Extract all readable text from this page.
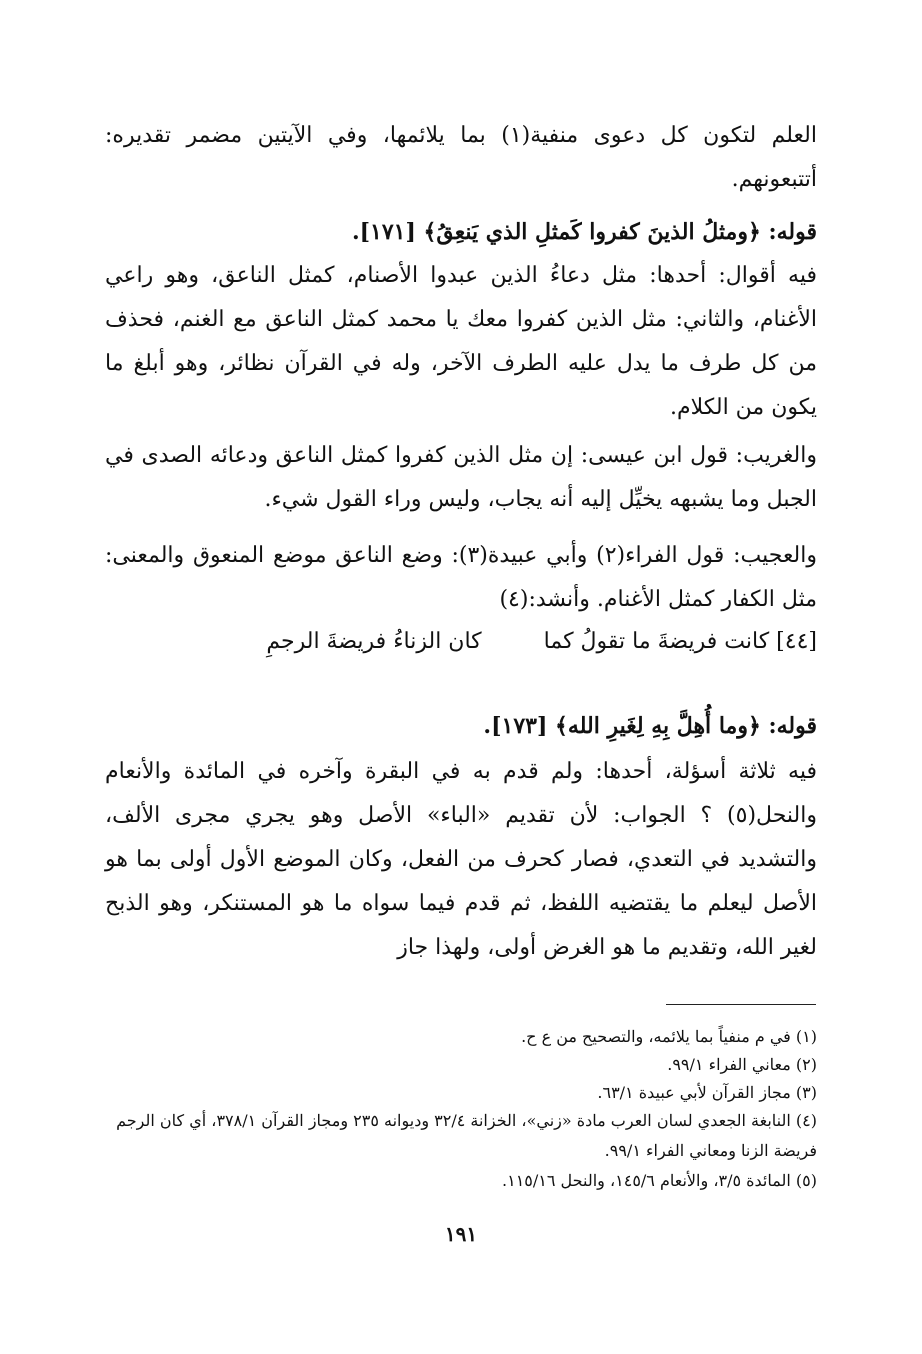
العلم لتكون كل دعوى منفية(١) بما يلائمها، وفي الآيتين مضمر تقديره: أتتبعونهم.

قوله: ﴿ومثلُ الذينَ كفروا كَمثلِ الذي يَنعِقُ﴾ [١٧١].

فيه أقوال: أحدها: مثل دعاءُ الذين عبدوا الأصنام، كمثل الناعق، وهو راعي الأغنام، والثاني: مثل الذين كفروا معك يا محمد كمثل الناعق مع الغنم، فحذف من كل طرف ما يدل عليه الطرف الآخر، وله في القرآن نظائر، وهو أبلغ ما يكون من الكلام.

والغريب: قول ابن عيسى: إن مثل الذين كفروا كمثل الناعق ودعائه الصدى في الجبل وما يشبهه يخيِّل إليه أنه يجاب، وليس وراء القول شيء.

والعجيب: قول الفراء(٢) وأبي عبيدة(٣): وضع الناعق موضع المنعوق والمعنى: مثل الكفار كمثل الأغنام. وأنشد:(٤)

[٤٤] كانت فريضةَ ما تقولُ كما  كان الزناءُ فريضةَ الرجمِ

قوله: ﴿وما أُهِلَّ بِهِ لِغَيرِ الله﴾ [١٧٣].

فيه ثلاثة أسؤلة، أحدها: ولم قدم به في البقرة وآخره في المائدة والأنعام والنحل(٥) ؟ الجواب: لأن تقديم «الباء» الأصل وهو يجري مجرى الألف، والتشديد في التعدي، فصار كحرف من الفعل، وكان الموضع الأول أولى بما هو الأصل ليعلم ما يقتضيه اللفظ، ثم قدم فيما سواه ما هو المستنكر، وهو الذبح لغير الله، وتقديم ما هو الغرض أولى، ولهذا جاز

(١) في م منفياً بما يلائمه، والتصحيح من ع ح.

(٢) معاني الفراء ٩٩/١.

(٣) مجاز القرآن لأبي عبيدة ٦٣/١.

(٤) النابغة الجعدي لسان العرب مادة «زني»، الخزانة ٣٢/٤ وديوانه ٢٣٥ ومجاز القرآن ٣٧٨/١، أي كان الرجم فريضة الزنا ومعاني الفراء ٩٩/١.

(٥) المائدة ٣/٥، والأنعام ١٤٥/٦، والنحل ١١٥/١٦.

١٩١
